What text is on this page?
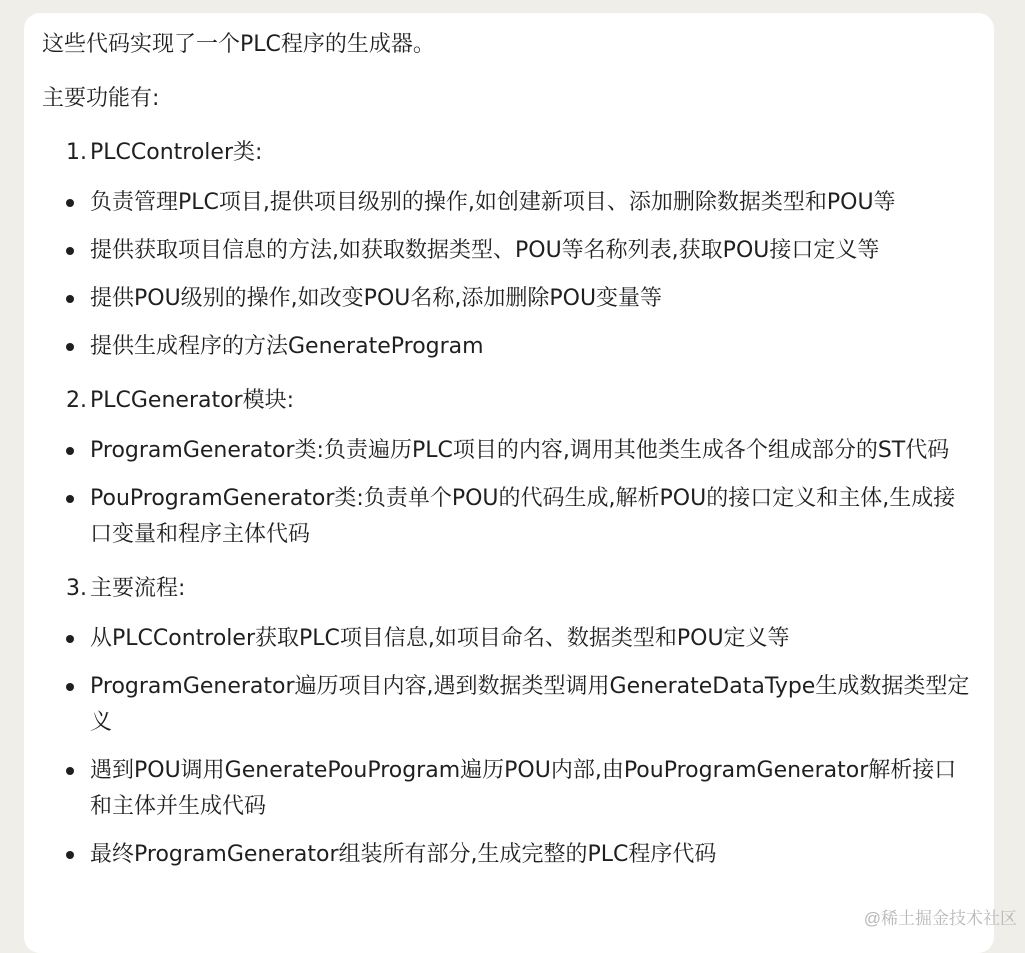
这些代码实现了一个PLC程序的生成器。

主要功能有:

1. PLCControler类:
负责管理PLC项目,提供项目级别的操作,如创建新项目、添加删除数据类型和POU等
提供获取项目信息的方法,如获取数据类型、POU等名称列表,获取POU接口定义等
提供POU级别的操作,如改变POU名称,添加删除POU变量等
提供生成程序的方法GenerateProgram
2. PLCGenerator模块:
ProgramGenerator类:负责遍历PLC项目的内容,调用其他类生成各个组成部分的ST代码
PouProgramGenerator类:负责单个POU的代码生成,解析POU的接口定义和主体,生成接口变量和程序主体代码
3. 主要流程:
从PLCControler获取PLC项目信息,如项目命名、数据类型和POU定义等
ProgramGenerator遍历项目内容,遇到数据类型调用GenerateDataType生成数据类型定义
遇到POU调用GeneratePouProgram遍历POU内部,由PouProgramGenerator解析接口和主体并生成代码
最终ProgramGenerator组装所有部分,生成完整的PLC程序代码
@稀土掘金技术社区
